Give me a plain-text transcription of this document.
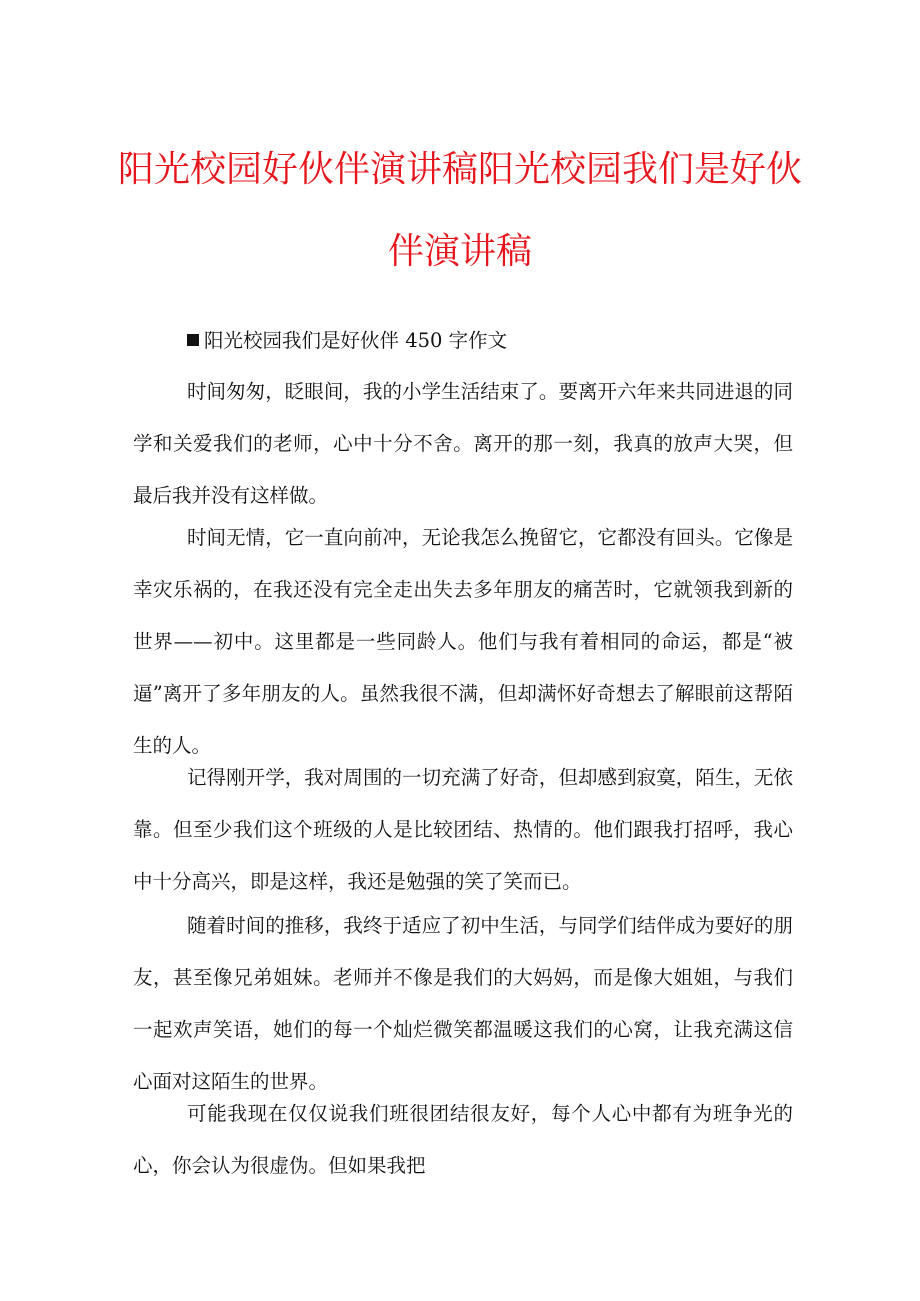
阳光校园好伙伴演讲稿阳光校园我们是好伙
伴演讲稿
阳光校园我们是好伙伴 450 字作文

时间匆匆，眨眼间，我的小学生活结束了。要离开六年来共同进退的同学和关爱我们的老师，心中十分不舍。离开的那一刻，我真的放声大哭，但最后我并没有这样做。

时间无情，它一直向前冲，无论我怎么挽留它，它都没有回头。它像是幸灾乐祸的，在我还没有完全走出失去多年朋友的痛苦时，它就领我到新的世界——初中。这里都是一些同龄人。他们与我有着相同的命运，都是“被逼”离开了多年朋友的人。虽然我很不满，但却满怀好奇想去了解眼前这帮陌生的人。

记得刚开学，我对周围的一切充满了好奇，但却感到寂寞，陌生，无依靠。但至少我们这个班级的人是比较团结、热情的。他们跟我打招呼，我心中十分高兴，即是这样，我还是勉强的笑了笑而已。

随着时间的推移，我终于适应了初中生活，与同学们结伴成为要好的朋友，甚至像兄弟姐妹。老师并不像是我们的大妈妈，而是像大姐姐，与我们一起欢声笑语，她们的每一个灿烂微笑都温暖这我们的心窝，让我充满这信心面对这陌生的世界。

可能我现在仅仅说我们班很团结很友好，每个人心中都有为班争光的心，你会认为很虚伪。但如果我把
